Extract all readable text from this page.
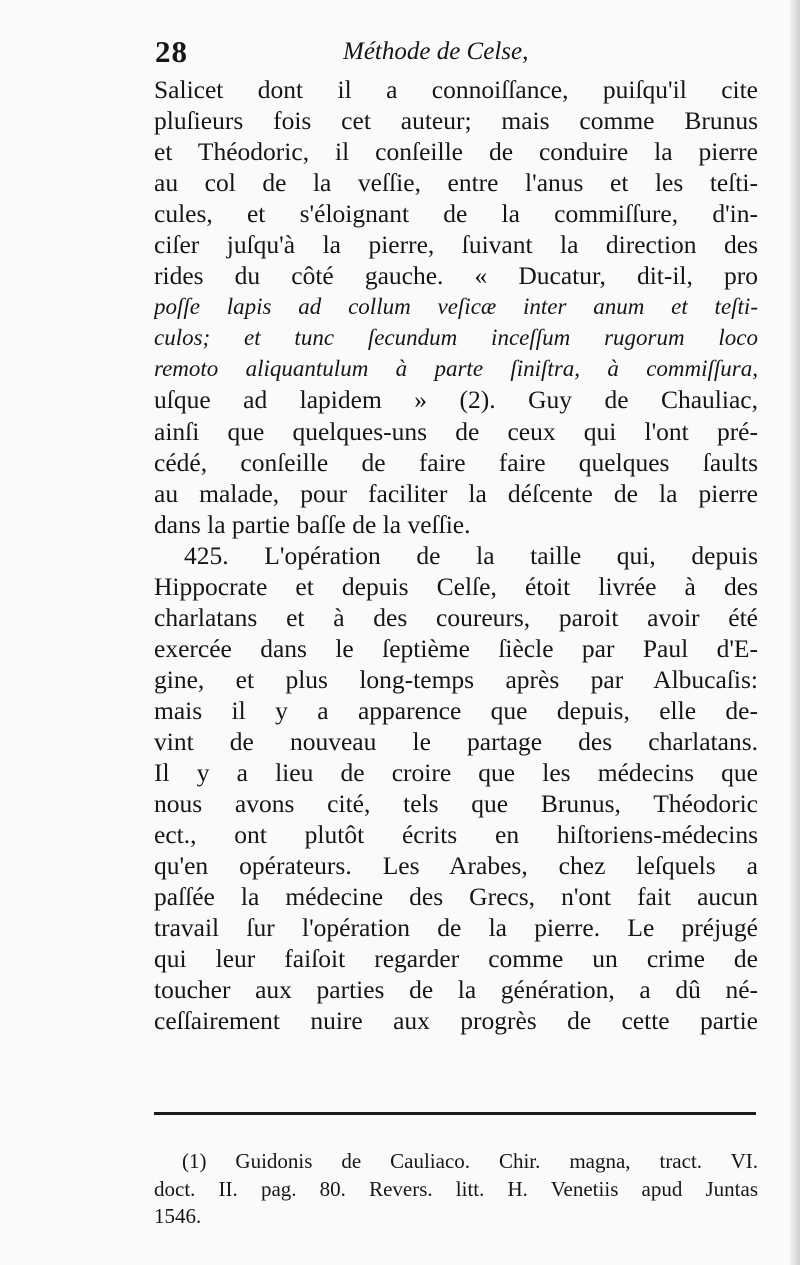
28	Méthode de Celse,
Salicet dont il a connoiſſance, puiſqu'il cite
pluſieurs fois cet auteur; mais comme Brunus
et Théodoric, il conſeille de conduire la pierre
au col de la veſſie, entre l'anus et les teſti-
cules, et s'éloignant de la commiſſure, d'in-
ciſer juſqu'à la pierre, ſuivant la direction des
rides du côté gauche. « Ducatur, dit-il, pro
poſſe lapis ad collum veſicæ inter anum et teſti-
culos; et tunc ſecundum inceſſum rugorum loco
remoto aliquantulum à parte ſiniſtra, à commiſſura,
uſque ad lapidem » (2). Guy de Chauliac,
ainſi que quelques-uns de ceux qui l'ont pré-
cédé, conſeille de faire faire quelques ſaults
au malade, pour faciliter la déſcente de la pierre
dans la partie baſſe de la veſſie.
425. L'opération de la taille qui, depuis
Hippocrate et depuis Celſe, étoit livrée à des
charlatans et à des coureurs, paroit avoir été
exercée dans le ſeptième ſiècle par Paul d'E-
gine, et plus long-temps après par Albucaſis:
mais il y a apparence que depuis, elle de-
vint de nouveau le partage des charlatans.
Il y a lieu de croire que les médecins que
nous avons cité, tels que Brunus, Théodoric
ect., ont plutôt écrits en hiſtoriens-médecins
qu'en opérateurs. Les Arabes, chez leſquels a
paſſée la médecine des Grecs, n'ont fait aucun
travail ſur l'opération de la pierre. Le préjugé
qui leur faiſoit regarder comme un crime de
toucher aux parties de la génération, a dû né-
ceſſairement nuire aux progrès de cette partie
(1) Guidonis de Cauliaco. Chir. magna, tract. VI.
doct. II. pag. 80. Revers. litt. H. Venetiis apud Juntas
1546.
